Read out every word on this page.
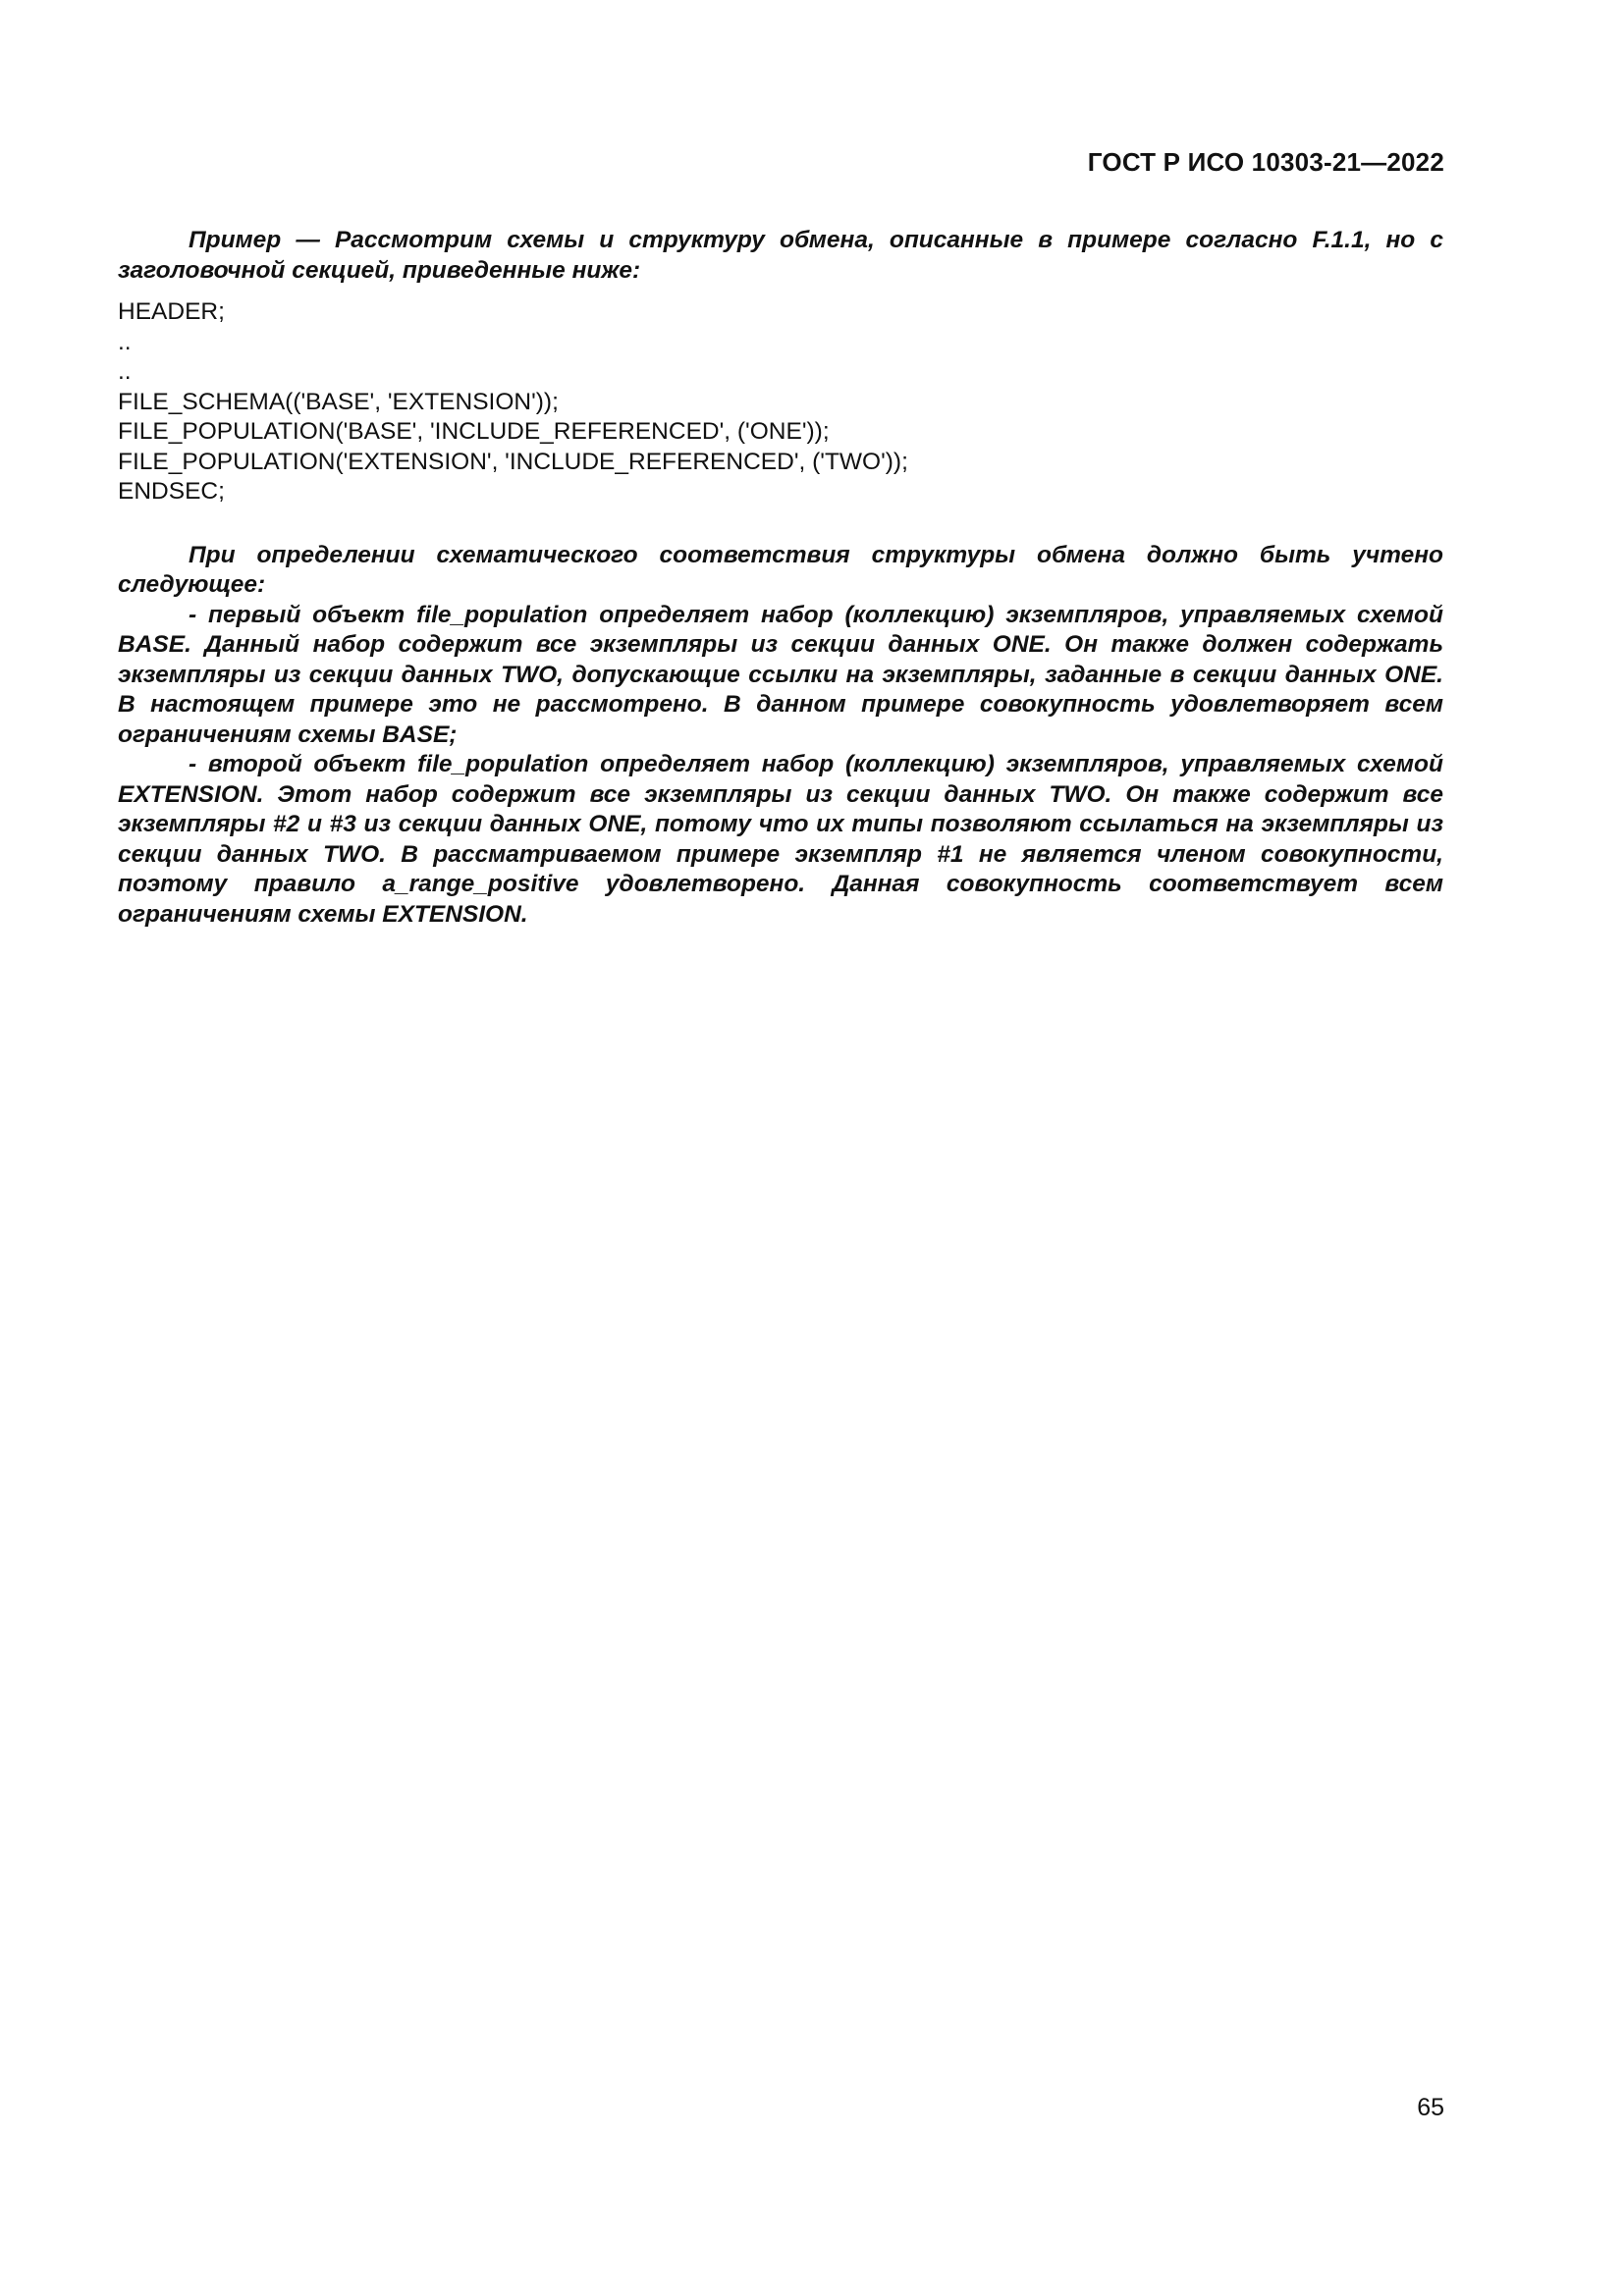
ГОСТ Р ИСО 10303-21—2022

Пример — Рассмотрим схемы и структуру обмена, описанные в примере согласно F.1.1, но с заголовочной секцией, приведенные ниже:

HEADER;
..
..
FILE_SCHEMA(('BASE', 'EXTENSION'));
FILE_POPULATION('BASE', 'INCLUDE_REFERENCED', ('ONE'));
FILE_POPULATION('EXTENSION', 'INCLUDE_REFERENCED', ('TWO'));
ENDSEC;

При определении схематического соответствия структуры обмена должно быть учтено следующее:

- первый объект file_population определяет набор (коллекцию) экземпляров, управляемых схемой BASE. Данный набор содержит все экземпляры из секции данных ONE. Он также должен содержать экземпляры из секции данных TWO, допускающие ссылки на экземпляры, заданные в секции данных ONE. В настоящем примере это не рассмотрено. В данном примере совокупность удовлетворяет всем ограничениям схемы BASE;

- второй объект file_population определяет набор (коллекцию) экземпляров, управляемых схемой EXTENSION. Этот набор содержит все экземпляры из секции данных TWO. Он также содержит все экземпляры #2 и #3 из секции данных ONE, потому что их типы позволяют ссылаться на экземпляры из секции данных TWO. В рассматриваемом примере экземпляр #1 не является членом совокупности, поэтому правило a_range_positive удовлетворено. Данная совокупность соответствует всем ограничениям схемы EXTENSION.

65
